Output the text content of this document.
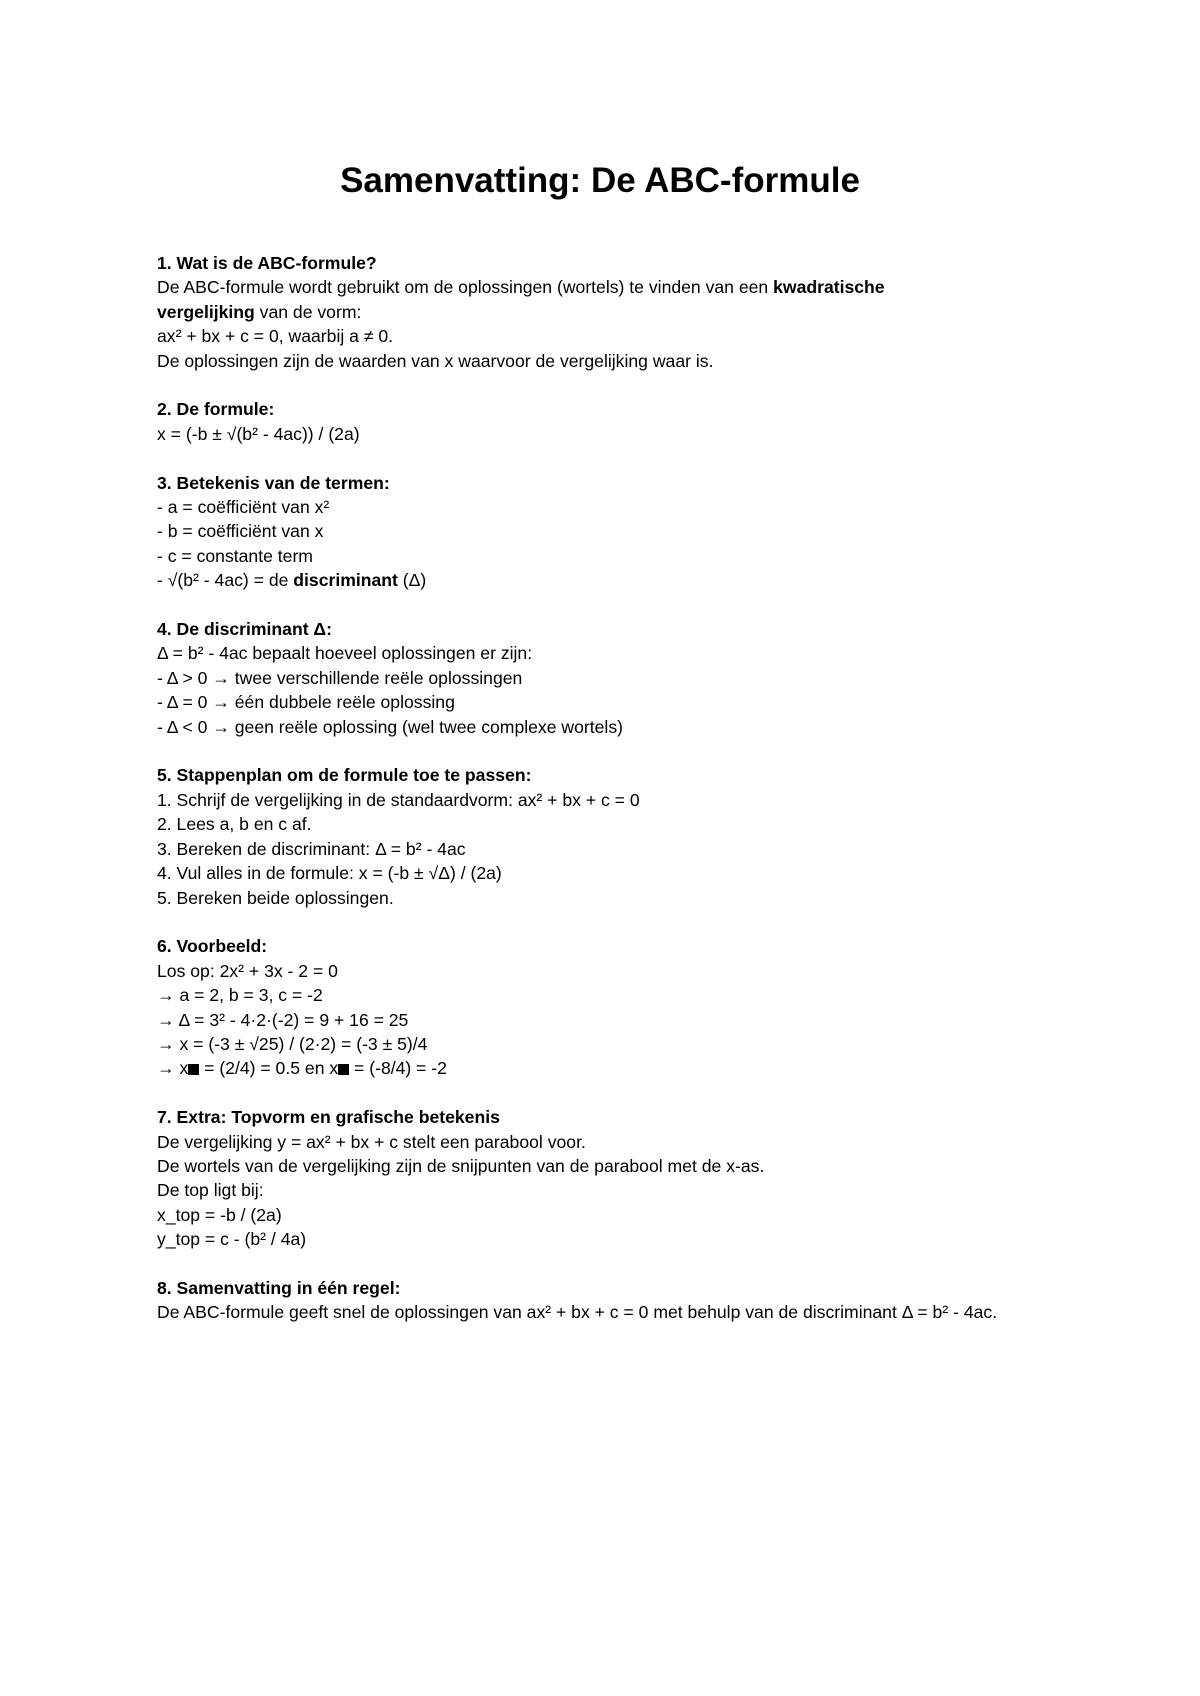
Samenvatting: De ABC-formule

1. Wat is de ABC-formule?

De ABC-formule wordt gebruikt om de oplossingen (wortels) te vinden van een kwadratische
vergelijking van de vorm:

ax² + bx + c = 0, waarbij a ≠ 0.

De oplossingen zijn de waarden van x waarvoor de vergelijking waar is.

2. De formule:

x = (-b ± √(b² - 4ac)) / (2a)

3. Betekenis van de termen:

- a = coëfficiënt van x²

- b = coëfficiënt van x

- c = constante term

- √(b² - 4ac) = de discriminant (Δ)

4. De discriminant Δ:

Δ = b² - 4ac bepaalt hoeveel oplossingen er zijn:

- Δ > 0 → twee verschillende reële oplossingen

- Δ = 0 → één dubbele reële oplossing

- Δ < 0 → geen reële oplossing (wel twee complexe wortels)

5. Stappenplan om de formule toe te passen:

1. Schrijf de vergelijking in de standaardvorm: ax² + bx + c = 0

2. Lees a, b en c af.

3. Bereken de discriminant: Δ = b² - 4ac

4. Vul alles in de formule: x = (-b ± √Δ) / (2a)

5. Bereken beide oplossingen.

6. Voorbeeld:

Los op: 2x² + 3x - 2 = 0

→ a = 2, b = 3, c = -2

→ Δ = 3² - 4·2·(-2) = 9 + 16 = 25

→ x = (-3 ± √25) / (2·2) = (-3 ± 5)/4

→ x = (2/4) = 0.5 en x = (-8/4) = -2

7. Extra: Topvorm en grafische betekenis

De vergelijking y = ax² + bx + c stelt een parabool voor.

De wortels van de vergelijking zijn de snijpunten van de parabool met de x-as.

De top ligt bij:

x_top = -b / (2a)

y_top = c - (b² / 4a)

8. Samenvatting in één regel:

De ABC-formule geeft snel de oplossingen van ax² + bx + c = 0 met behulp van de discriminant Δ = b² - 4ac.
